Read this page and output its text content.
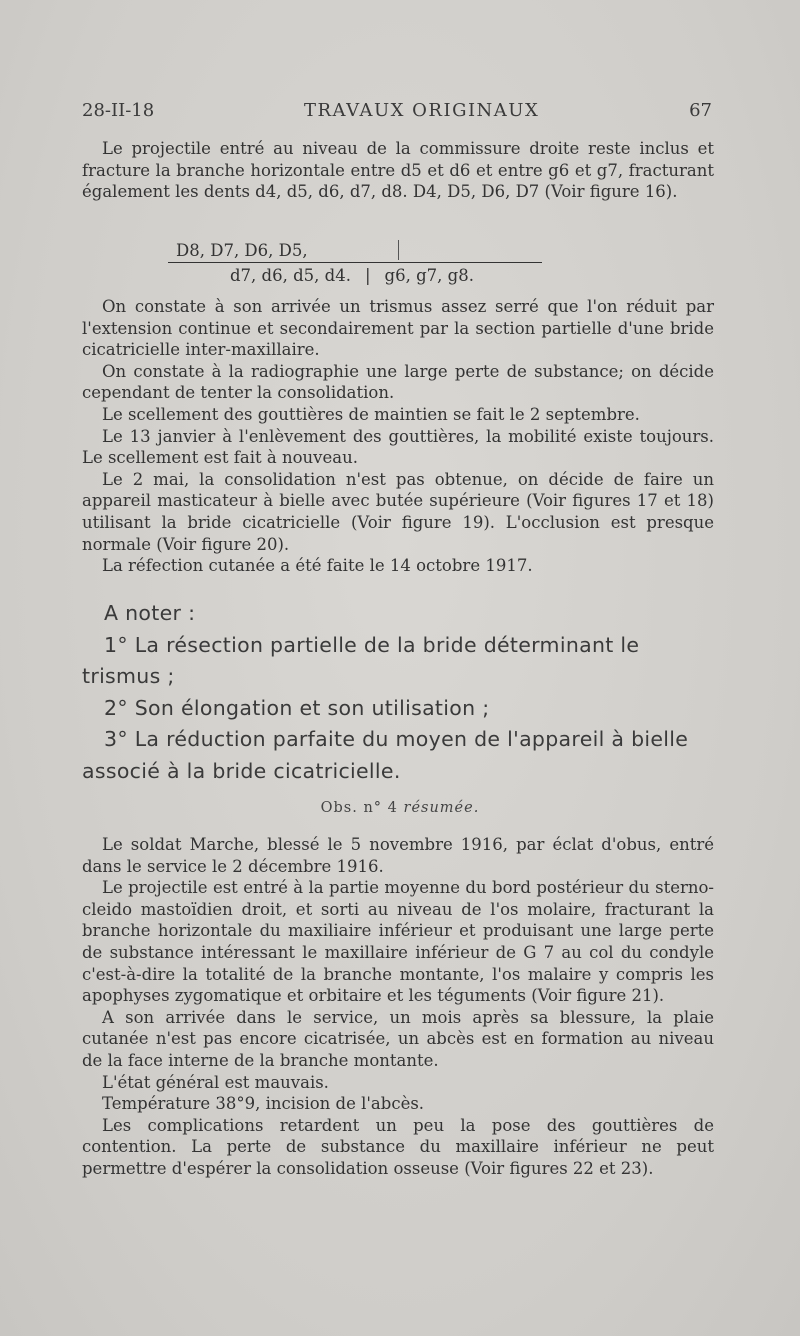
28-II-18	TRAVAUX ORIGINAUX	67

Le projectile entré au niveau de la commissure droite reste inclus et fracture la branche horizontale entre d5 et d6 et entre g6 et g7, fracturant également les dents d4, d5, d6, d7, d8. D4, D5, D6, D7 (Voir figure 16).

D8, D7, D6, D5,
d7, d6, d5, d4. | g6, g7, g8.

On constate à son arrivée un trismus assez serré que l'on réduit par l'extension continue et secondairement par la section partielle d'une bride cicatricielle inter-maxillaire.

On constate à la radiographie une large perte de substance; on décide cependant de tenter la consolidation.

Le scellement des gouttières de maintien se fait le 2 septembre.

Le 13 janvier à l'enlèvement des gouttières, la mobilité existe toujours. Le scellement est fait à nouveau.

Le 2 mai, la consolidation n'est pas obtenue, on décide de faire un appareil masticateur à bielle avec butée supérieure (Voir figures 17 et 18) utilisant la bride cicatricielle (Voir figure 19). L'occlusion est presque normale (Voir figure 20).

La réfection cutanée a été faite le 14 octobre 1917.

A noter :

1° La résection partielle de la bride déterminant le trismus ;

2° Son élongation et son utilisation ;

3° La réduction parfaite du moyen de l'appareil à bielle associé à la bride cicatricielle.

Obs. n° 4 résumée.

Le soldat Marche, blessé le 5 novembre 1916, par éclat d'obus, entré dans le service le 2 décembre 1916.

Le projectile est entré à la partie moyenne du bord postérieur du sterno-cleido mastoïdien droit, et sorti au niveau de l'os molaire, fracturant la branche horizontale du maxiliaire inférieur et produisant une large perte de substance intéressant le maxillaire inférieur de G 7 au col du condyle c'est-à-dire la totalité de la branche montante, l'os malaire y compris les apophyses zygomatique et orbitaire et les téguments (Voir figure 21).

A son arrivée dans le service, un mois après sa blessure, la plaie cutanée n'est pas encore cicatrisée, un abcès est en formation au niveau de la face interne de la branche montante.

L'état général est mauvais.

Température 38°9, incision de l'abcès.

Les complications retardent un peu la pose des gouttières de contention. La perte de substance du maxillaire inférieur ne peut permettre d'espérer la consolidation osseuse (Voir figures 22 et 23).
